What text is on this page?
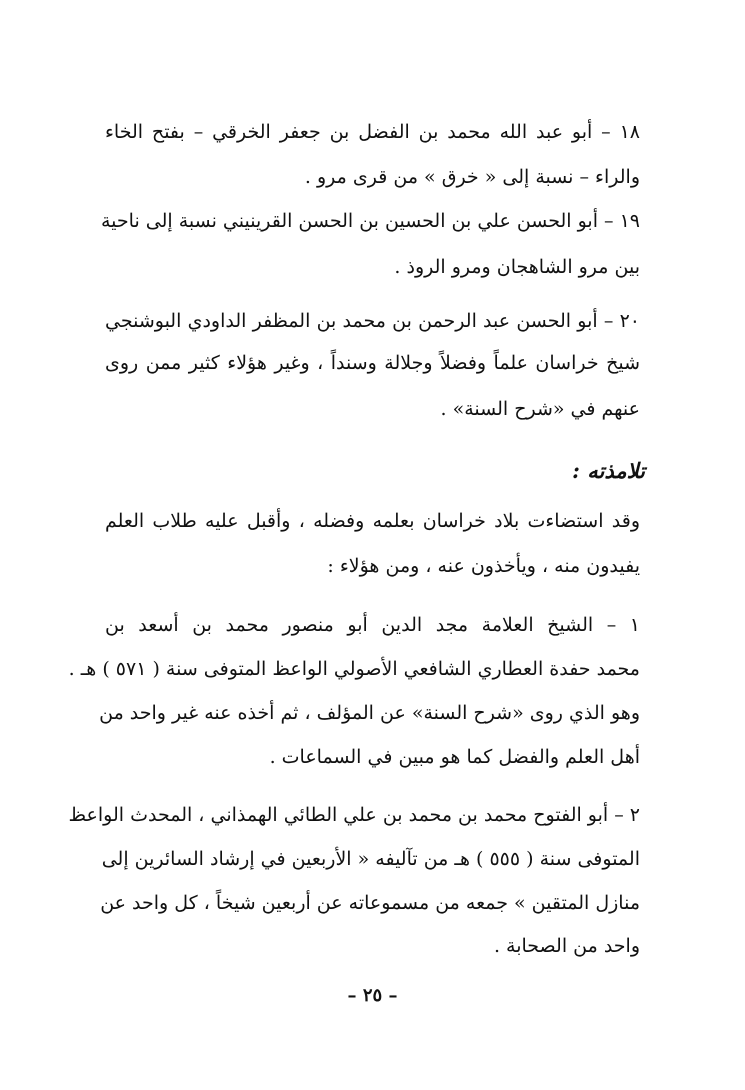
١٨ – أبو عبد الله محمد بن الفضل بن جعفر الخرقي – بفتح الخاء
والراء – نسبة إلى « خرق » من قرى مرو .
١٩ – أبو الحسن علي بن الحسين بن الحسن القرينيني نسبة إلى ناحية
بين مرو الشاهجان ومرو الروذ .
٢٠ – أبو الحسن عبد الرحمن بن محمد بن المظفر الداودي البوشنجي
شيخ خراسان علماً وفضلاً وجلالة وسنداً ، وغير هؤلاء كثير ممن روى
عنهم في «شرح السنة» .
تلامذته :
وقد استضاءت بلاد خراسان بعلمه وفضله ، وأقبل عليه طلاب العلم
يفيدون منه ، ويأخذون عنه ، ومن هؤلاء :
١ – الشيخ العلامة مجد الدين أبو منصور محمد بن أسعد بن
محمد حفدة العطاري الشافعي الأصولي الواعظ المتوفى سنة ( ٥٧١ ) هـ .
وهو الذي روى «شرح السنة» عن المؤلف ، ثم أخذه عنه غير واحد من
أهل العلم والفضل كما هو مبين في السماعات .
٢ – أبو الفتوح محمد بن محمد بن علي الطائي الهمذاني ، المحدث الواعظ
المتوفى سنة ( ٥٥٥ ) هـ من تآليفه « الأربعين في إرشاد السائرين إلى
منازل المتقين » جمعه من مسموعاته عن أربعين شيخاً ، كل واحد عن
واحد من الصحابة .
– ٢٥ –
